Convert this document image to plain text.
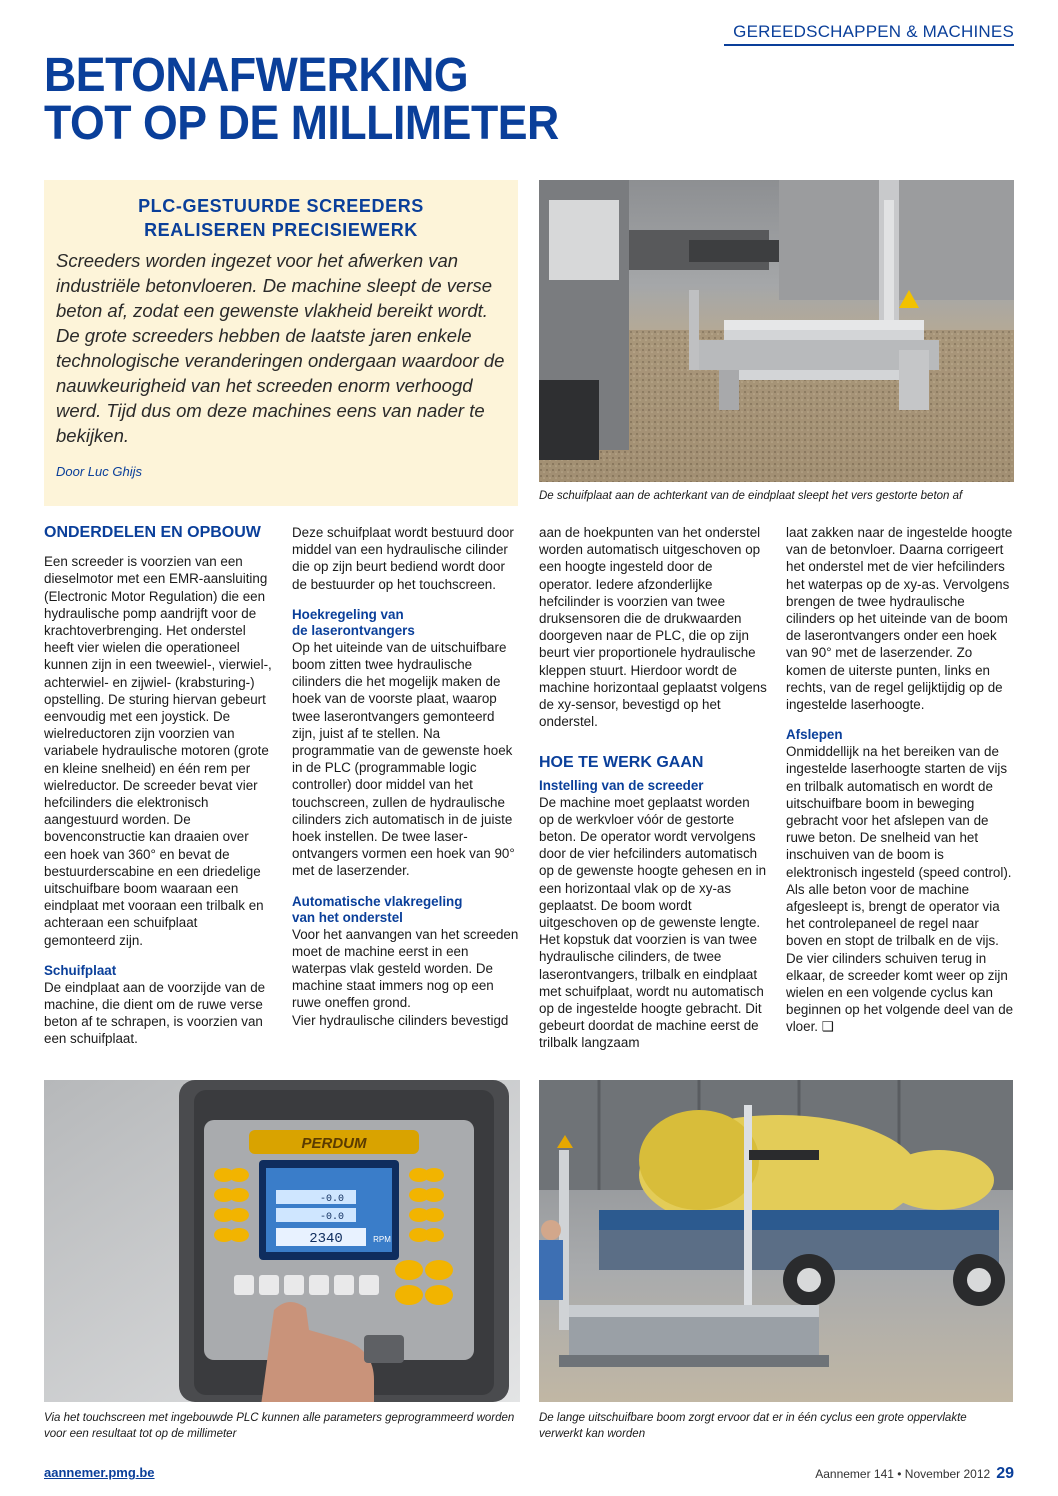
GEREEDSCHAPPEN & MACHINES
BETONAFWERKING
TOT OP DE MILLIMETER
PLC-GESTUURDE SCREEDERS
REALISEREN PRECISIEWERK

Screeders worden ingezet voor het afwerken van industriële betonvloeren. De machine sleept de verse beton af, zodat een gewenste vlakheid bereikt wordt. De grote screeders hebben de laatste jaren enkele technologische veranderingen ondergaan waardoor de nauwkeurigheid van het screeden enorm verhoogd werd. Tijd dus om deze machines eens van nader te bekijken.

Door Luc Ghijs

De schuifplaat aan de achterkant van de eindplaat sleept het vers gestorte beton af
ONDERDELEN EN OPBOUW

Een screeder is voorzien van een dieselmotor met een EMR-aansluiting (Electronic Motor Regulation) die een hydraulische pomp aandrijft voor de krachtoverbrenging. Het onderstel heeft vier wielen die operationeel kunnen zijn in een tweewiel-, vierwiel-, achterwiel- en zijwiel- (krabsturing-) opstelling. De sturing hiervan gebeurt eenvoudig met een joystick. De wielreductoren zijn voorzien van variabele hydraulische motoren (grote en kleine snelheid) en één rem per wielreductor. De screeder bevat vier hefcilinders die elektronisch aangestuurd worden. De bovenconstructie kan draaien over een hoek van 360° en bevat de bestuurderscabine en een driedelige uitschuifbare boom waaraan een eindplaat met vooraan een trilbalk en achteraan een schuifplaat gemonteerd zijn.

Schuifplaat

De eindplaat aan de voorzijde van de machine, die dient om de ruwe verse beton af te schrapen, is voorzien van een schuifplaat.

Deze schuifplaat wordt bestuurd door middel van een hydraulische cilinder die op zijn beurt bediend wordt door de bestuurder op het touchscreen.

Hoekregeling van
de laserontvangers

Op het uiteinde van de uitschuifbare boom zitten twee hydraulische cilinders die het mogelijk maken de hoek van de voorste plaat, waarop twee laserontvangers gemonteerd zijn, juist af te stellen. Na programmatie van de gewenste hoek in de PLC (programmable logic controller) door middel van het touchscreen, zullen de hydraulische cilinders zich automatisch in de juiste hoek instellen. De twee laser- ontvangers vormen een hoek van 90° met de laserzender.

Automatische vlakregeling
van het onderstel

Voor het aanvangen van het screeden moet de machine eerst in een waterpas vlak gesteld worden. De machine staat immers nog op een ruwe oneffen grond.

Vier hydraulische cilinders bevestigd

aan de hoekpunten van het onderstel worden automatisch uitgeschoven op een hoogte ingesteld door de operator. Iedere afzonderlijke hefcilinder is voorzien van twee druksensoren die de drukwaarden doorgeven naar de PLC, die op zijn beurt vier proportionele hydraulische kleppen stuurt. Hierdoor wordt de machine horizontaal geplaatst volgens de xy-sensor, bevestigd op het onderstel.

HOE TE WERK GAAN
Instelling van de screeder

De machine moet geplaatst worden op de werkvloer vóór de gestorte beton. De operator wordt vervolgens door de vier hefcilinders automatisch op de gewenste hoogte gehesen en in een horizontaal vlak op de xy-as geplaatst. De boom wordt uitgeschoven op de gewenste lengte. Het kopstuk dat voorzien is van twee hydraulische cilinders, de twee laserontvangers, trilbalk en eindplaat met schuifplaat, wordt nu automatisch op de ingestelde hoogte gebracht. Dit gebeurt doordat de machine eerst de trilbalk langzaam

laat zakken naar de ingestelde hoogte van de betonvloer. Daarna corrigeert het onderstel met de vier hefcilinders het waterpas op de xy-as. Vervolgens brengen de twee hydraulische cilinders op het uiteinde van de boom de laserontvangers onder een hoek van 90° met de laserzender. Zo komen de uiterste punten, links en rechts, van de regel gelijktijdig op de ingestelde laserhoogte.

Afslepen

Onmiddellijk na het bereiken van de ingestelde laserhoogte starten de vijs en trilbalk automatisch en wordt de uitschuifbare boom in beweging gebracht voor het afslepen van de ruwe beton. De snelheid van het inschuiven van de boom is elektronisch ingesteld (speed control). Als alle beton voor de machine afgesleept is, brengt de operator via het controlepaneel de regel naar boven en stopt de trilbalk en de vijs. De vier cilinders schuiven terug in elkaar, de screeder komt weer op zijn wielen en een volgende cyclus kan beginnen op het volgende deel van de vloer. ❑

PERDUM
-0.0
-0.0
2340	RPM
Via het touchscreen met ingebouwde PLC kunnen alle parameters geprogrammeerd worden voor een resultaat tot op de millimeter
De lange uitschuifbare boom zorgt ervoor dat er in één cyclus een grote oppervlakte verwerkt kan worden
aannemer.pmg.be	Aannemer 141 • November 2012 29
